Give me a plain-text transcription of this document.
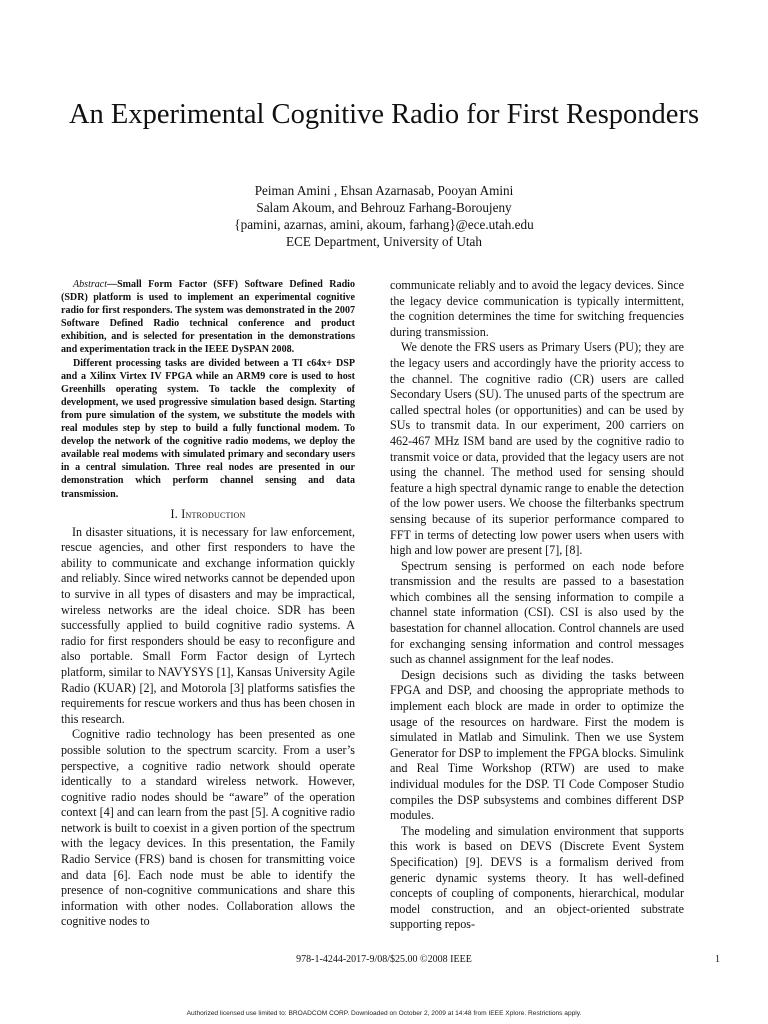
An Experimental Cognitive Radio for First Responders
Peiman Amini , Ehsan Azarnasab, Pooyan Amini
Salam Akoum, and Behrouz Farhang-Boroujeny
{pamini, azarnas, amini, akoum, farhang}@ece.utah.edu
ECE Department, University of Utah

Abstract—Small Form Factor (SFF) Software Defined Radio (SDR) platform is used to implement an experimental cognitive radio for first responders. The system was demonstrated in the 2007 Software Defined Radio technical conference and product exhibition, and is selected for presentation in the demonstrations and experimentation track in the IEEE DySPAN 2008.

Different processing tasks are divided between a TI c64x+ DSP and a Xilinx Virtex IV FPGA while an ARM9 core is used to host Greenhills operating system. To tackle the complexity of development, we used progressive simulation based design. Starting from pure simulation of the system, we substitute the models with real modules step by step to build a fully functional modem. To develop the network of the cognitive radio modems, we deploy the available real modems with simulated primary and secondary users in a central simulation. Three real nodes are presented in our demonstration which perform channel sensing and data transmission.

I. Introduction

In disaster situations, it is necessary for law enforcement, rescue agencies, and other first responders to have the ability to communicate and exchange information quickly and reliably. Since wired networks cannot be depended upon to survive in all types of disasters and may be impractical, wireless networks are the ideal choice. SDR has been successfully applied to build cognitive radio systems. A radio for first responders should be easy to reconfigure and also portable. Small Form Factor design of Lyrtech platform, similar to NAVYSYS [1], Kansas University Agile Radio (KUAR) [2], and Motorola [3] platforms satisfies the requirements for rescue workers and thus has been chosen in this research.

Cognitive radio technology has been presented as one possible solution to the spectrum scarcity. From a user’s perspective, a cognitive radio network should operate identically to a standard wireless network. However, cognitive radio nodes should be “aware” of the operation context [4] and can learn from the past [5]. A cognitive radio network is built to coexist in a given portion of the spectrum with the legacy devices. In this presentation, the Family Radio Service (FRS) band is chosen for transmitting voice and data [6]. Each node must be able to identify the presence of non-cognitive communications and share this information with other nodes. Collaboration allows the cognitive nodes to

communicate reliably and to avoid the legacy devices. Since the legacy device communication is typically intermittent, the cognition determines the time for switching frequencies during transmission.

We denote the FRS users as Primary Users (PU); they are the legacy users and accordingly have the priority access to the channel. The cognitive radio (CR) users are called Secondary Users (SU). The unused parts of the spectrum are called spectral holes (or opportunities) and can be used by SUs to transmit data. In our experiment, 200 carriers on 462-467 MHz ISM band are used by the cognitive radio to transmit voice or data, provided that the legacy users are not using the channel. The method used for sensing should feature a high spectral dynamic range to enable the detection of the low power users. We choose the filterbanks spectrum sensing because of its superior performance compared to FFT in terms of detecting low power users when users with high and low power are present [7], [8].

Spectrum sensing is performed on each node before transmission and the results are passed to a basestation which combines all the sensing information to compile a channel state information (CSI). CSI is also used by the basestation for channel allocation. Control channels are used for exchanging sensing information and control messages such as channel assignment for the leaf nodes.

Design decisions such as dividing the tasks between FPGA and DSP, and choosing the appropriate methods to implement each block are made in order to optimize the usage of the resources on hardware. First the modem is simulated in Matlab and Simulink. Then we use System Generator for DSP to implement the FPGA blocks. Simulink and Real Time Workshop (RTW) are used to make individual modules for the DSP. TI Code Composer Studio compiles the DSP subsystems and combines different DSP modules.

The modeling and simulation environment that supports this work is based on DEVS (Discrete Event System Specification) [9]. DEVS is a formalism derived from generic dynamic systems theory. It has well-defined concepts of coupling of components, hierarchical, modular model construction, and an object-oriented substrate supporting repos-

978-1-4244-2017-9/08/$25.00 ©2008 IEEE	1
Authorized licensed use limited to: BROADCOM CORP. Downloaded on October 2, 2009 at 14:48 from IEEE Xplore. Restrictions apply.
